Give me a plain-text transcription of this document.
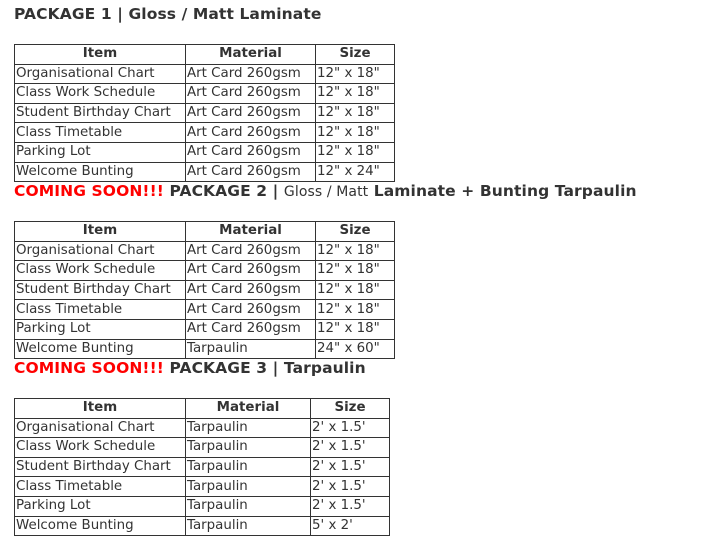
PACKAGE 1 | Gloss / Matt Laminate
Item	Material	Size
Organisational Chart	Art Card 260gsm	12" x 18"
Class Work Schedule	Art Card 260gsm	12" x 18"
Student Birthday Chart	Art Card 260gsm	12" x 18"
Class Timetable	Art Card 260gsm	12" x 18"
Parking Lot	Art Card 260gsm	12" x 18"
Welcome Bunting	Art Card 260gsm	12" x 24"
COMING SOON!!! PACKAGE 2 | Gloss / Matt Laminate + Bunting Tarpaulin
Item	Material	Size
Organisational Chart	Art Card 260gsm	12" x 18"
Class Work Schedule	Art Card 260gsm	12" x 18"
Student Birthday Chart	Art Card 260gsm	12" x 18"
Class Timetable	Art Card 260gsm	12" x 18"
Parking Lot	Art Card 260gsm	12" x 18"
Welcome Bunting	Tarpaulin	24" x 60"
COMING SOON!!! PACKAGE 3 | Tarpaulin
Item	Material	Size
Organisational Chart	Tarpaulin	2' x 1.5'
Class Work Schedule	Tarpaulin	2' x 1.5'
Student Birthday Chart	Tarpaulin	2' x 1.5'
Class Timetable	Tarpaulin	2' x 1.5'
Parking Lot	Tarpaulin	2' x 1.5'
Welcome Bunting	Tarpaulin	5' x 2'
